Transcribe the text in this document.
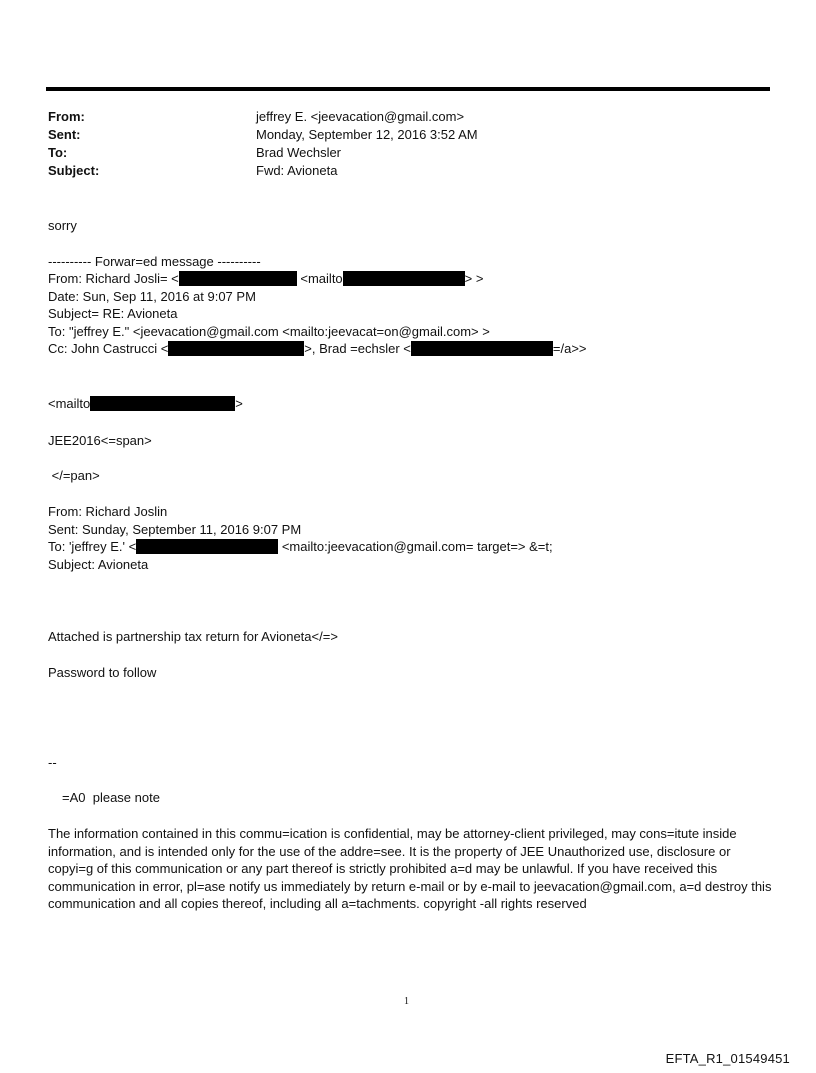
From:	jeffrey E. <jeevacation@gmail.com>
Sent:	Monday, September 12, 2016 3:52 AM
To:	Brad Wechsler
Subject:	Fwd: Avioneta
sorry
---------- Forwar=ed message ----------
From: Richard Josli= <	<mailto	> >
Date: Sun, Sep 11, 2016 at 9:07 PM
Subject= RE: Avioneta
To: "jeffrey E." <jeevacation@gmail.com <mailto:jeevacat=on@gmail.com> >
Cc: John Castrucci <	>, Brad =echsler <	=/a>>
<mailto	>
JEE2016<=span>
</=pan>
From: Richard Joslin
Sent: Sunday, September 11, 2016 9:07 PM
To: 'jeffrey E.' <	<mailto:jeevacation@gmail.com= target=> &=t;
Subject: Avioneta
Attached is partnership tax return for Avioneta</=>
Password to follow
--
=A0  please note
The information contained in this commu=ication is confidential, may be attorney-client privileged, may cons=itute inside information, and is intended only for the use of the addre=see. It is the property of JEE Unauthorized use, disclosure or copyi=g of this communication or any part thereof is strictly prohibited a=d may be unlawful. If you have received this communication in error, pl=ase notify us immediately by return e-mail or by e-mail to jeevacation@gmail.com, a=d destroy this communication and all copies thereof, including all a=tachments. copyright -all rights reserved
1
EFTA_R1_01549451
